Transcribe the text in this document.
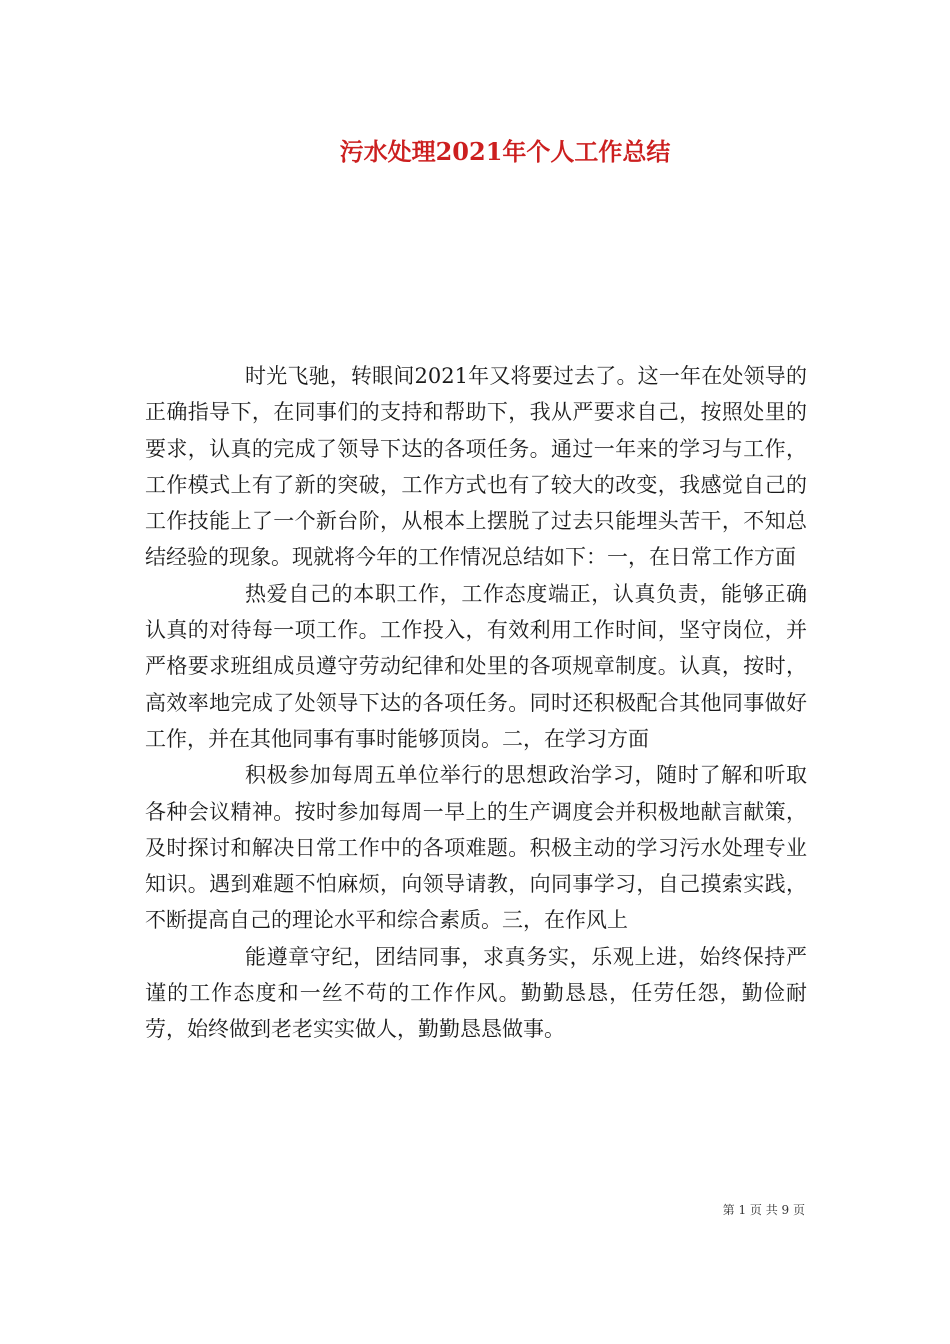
污水处理2021年个人工作总结

时光飞驰，转眼间2021年又将要过去了。这一年在处领导的正确指导下，在同事们的支持和帮助下，我从严要求自己，按照处里的要求，认真的完成了领导下达的各项任务。通过一年来的学习与工作，工作模式上有了新的突破，工作方式也有了较大的改变，我感觉自己的工作技能上了一个新台阶，从根本上摆脱了过去只能埋头苦干，不知总结经验的现象。现就将今年的工作情况总结如下：一，在日常工作方面

热爱自己的本职工作，工作态度端正，认真负责，能够正确认真的对待每一项工作。工作投入，有效利用工作时间，坚守岗位，并严格要求班组成员遵守劳动纪律和处里的各项规章制度。认真，按时，高效率地完成了处领导下达的各项任务。同时还积极配合其他同事做好工作，并在其他同事有事时能够顶岗。二，在学习方面

积极参加每周五单位举行的思想政治学习，随时了解和听取各种会议精神。按时参加每周一早上的生产调度会并积极地献言献策，及时探讨和解决日常工作中的各项难题。积极主动的学习污水处理专业知识。遇到难题不怕麻烦，向领导请教，向同事学习，自己摸索实践，不断提高自己的理论水平和综合素质。三，在作风上

能遵章守纪，团结同事，求真务实，乐观上进，始终保持严谨的工作态度和一丝不苟的工作作风。勤勤恳恳，任劳任怨，勤俭耐劳，始终做到老老实实做人，勤勤恳恳做事。

第 1 页 共 9 页
